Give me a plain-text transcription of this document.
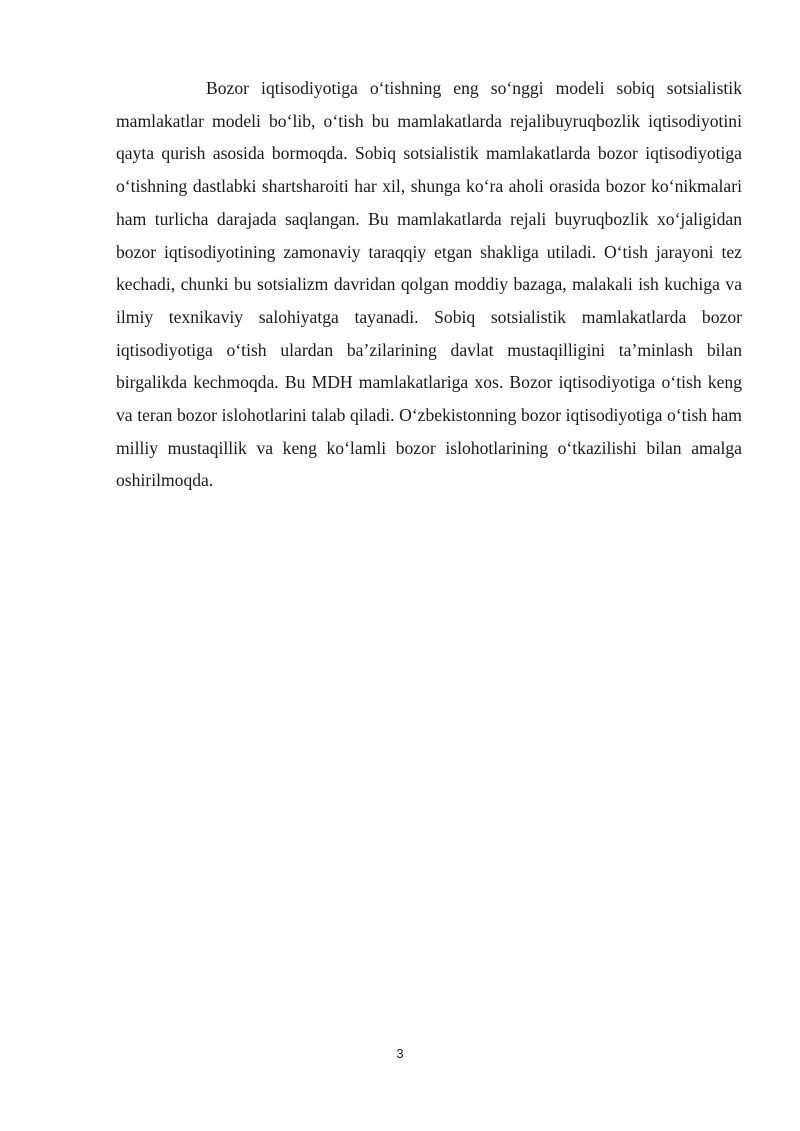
Bozor iqtisodiyotiga o‘tishning eng so‘nggi modeli sobiq sotsialistik mamlakatlar modeli bo‘lib, o‘tish bu mamlakatlarda rejalibuyruqbozlik iqtisodiyotini qayta qurish asosida bormoqda. Sobiq sotsialistik mamlakatlarda bozor iqtisodiyotiga o‘tishning dastlabki shartsharoiti har xil, shunga ko‘ra aholi orasida bozor ko‘nikmalari ham turlicha darajada saqlangan. Bu mamlakatlarda rejali buyruqbozlik xo‘jaligidan bozor iqtisodiyotining zamonaviy taraqqiy etgan shakliga utiladi. O‘tish jarayoni tez kechadi, chunki bu sotsializm davridan qolgan moddiy bazaga, malakali ish kuchiga va ilmiy texnikaviy salohiyatga tayanadi. Sobiq sotsialistik mamlakatlarda bozor iqtisodiyotiga o‘tish ulardan ba’zilarining davlat mustaqilligini ta’minlash bilan birgalikda kechmoqda. Bu MDH mamlakatlariga xos. Bozor iqtisodiyotiga o‘tish keng va teran bozor islohotlarini talab qiladi. O‘zbekistonning bozor iqtisodiyotiga o‘tish ham milliy mustaqillik va keng ko‘lamli bozor islohotlarining o‘tkazilishi bilan amalga oshirilmoqda.

3
